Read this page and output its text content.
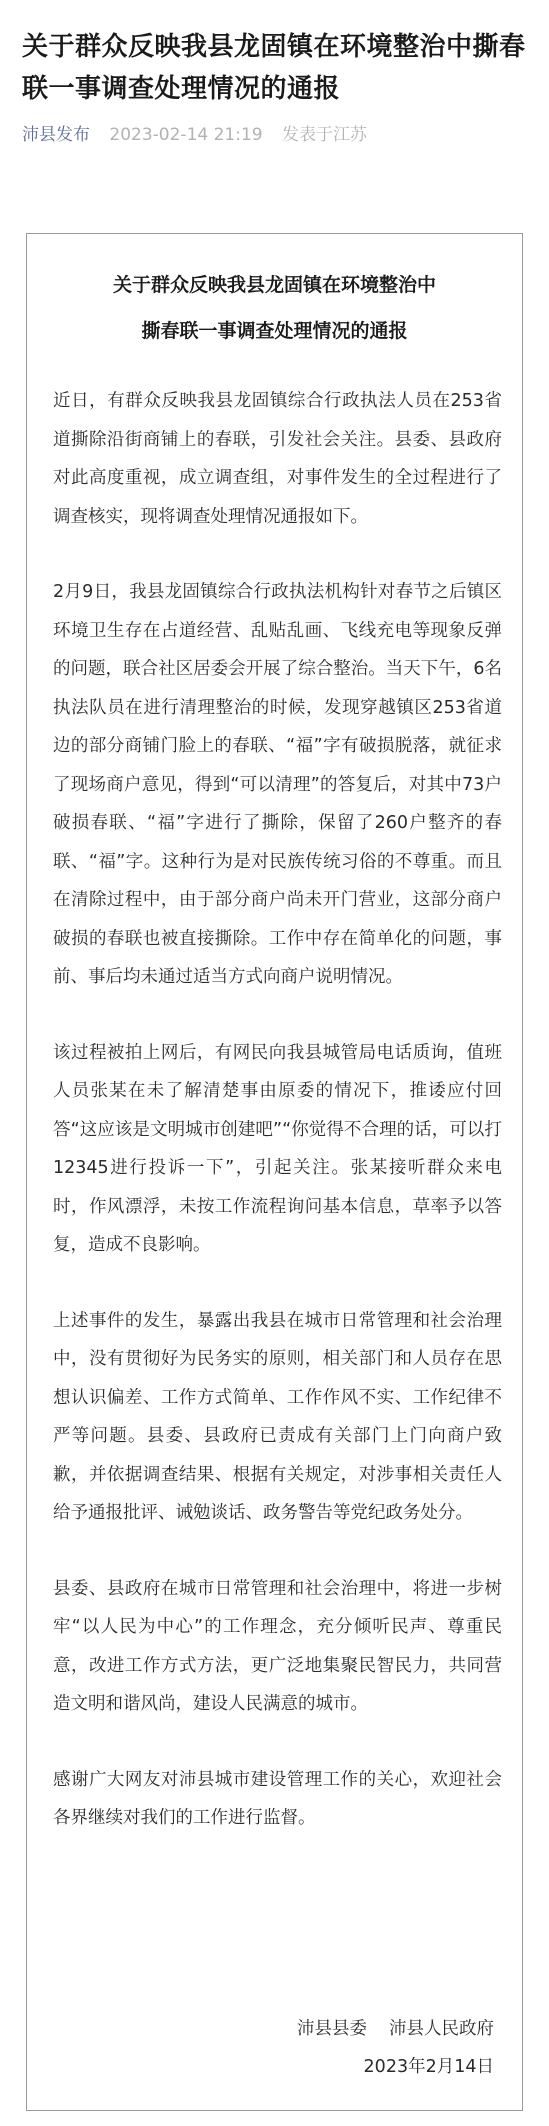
关于群众反映我县龙固镇在环境整治中撕春联一事调查处理情况的通报
沛县发布 2023-02-14 21:19 发表于江苏
关于群众反映我县龙固镇在环境整治中
撕春联一事调查处理情况的通报

近日，有群众反映我县龙固镇综合行政执法人员在253省道撕除沿街商铺上的春联，引发社会关注。县委、县政府对此高度重视，成立调查组，对事件发生的全过程进行了调查核实，现将调查处理情况通报如下。

2月9日，我县龙固镇综合行政执法机构针对春节之后镇区环境卫生存在占道经营、乱贴乱画、飞线充电等现象反弹的问题，联合社区居委会开展了综合整治。当天下午，6名执法队员在进行清理整治的时候，发现穿越镇区253省道边的部分商铺门脸上的春联、“福”字有破损脱落，就征求了现场商户意见，得到“可以清理”的答复后，对其中73户破损春联、“福”字进行了撕除，保留了260户整齐的春联、“福”字。这种行为是对民族传统习俗的不尊重。而且在清除过程中，由于部分商户尚未开门营业，这部分商户破损的春联也被直接撕除。工作中存在简单化的问题，事前、事后均未通过适当方式向商户说明情况。

该过程被拍上网后，有网民向我县城管局电话质询，值班人员张某在未了解清楚事由原委的情况下，推诿应付回答“这应该是文明城市创建吧”“你觉得不合理的话，可以打12345进行投诉一下”，引起关注。张某接听群众来电时，作风漂浮，未按工作流程询问基本信息，草率予以答复，造成不良影响。

上述事件的发生，暴露出我县在城市日常管理和社会治理中，没有贯彻好为民务实的原则，相关部门和人员存在思想认识偏差、工作方式简单、工作作风不实、工作纪律不严等问题。县委、县政府已责成有关部门上门向商户致歉，并依据调查结果、根据有关规定，对涉事相关责任人给予通报批评、诫勉谈话、政务警告等党纪政务处分。

县委、县政府在城市日常管理和社会治理中，将进一步树牢“以人民为中心”的工作理念，充分倾听民声、尊重民意，改进工作方式方法，更广泛地集聚民智民力，共同营造文明和谐风尚，建设人民满意的城市。

感谢广大网友对沛县城市建设管理工作的关心，欢迎社会各界继续对我们的工作进行监督。

沛县县委 沛县人民政府
2023年2月14日
